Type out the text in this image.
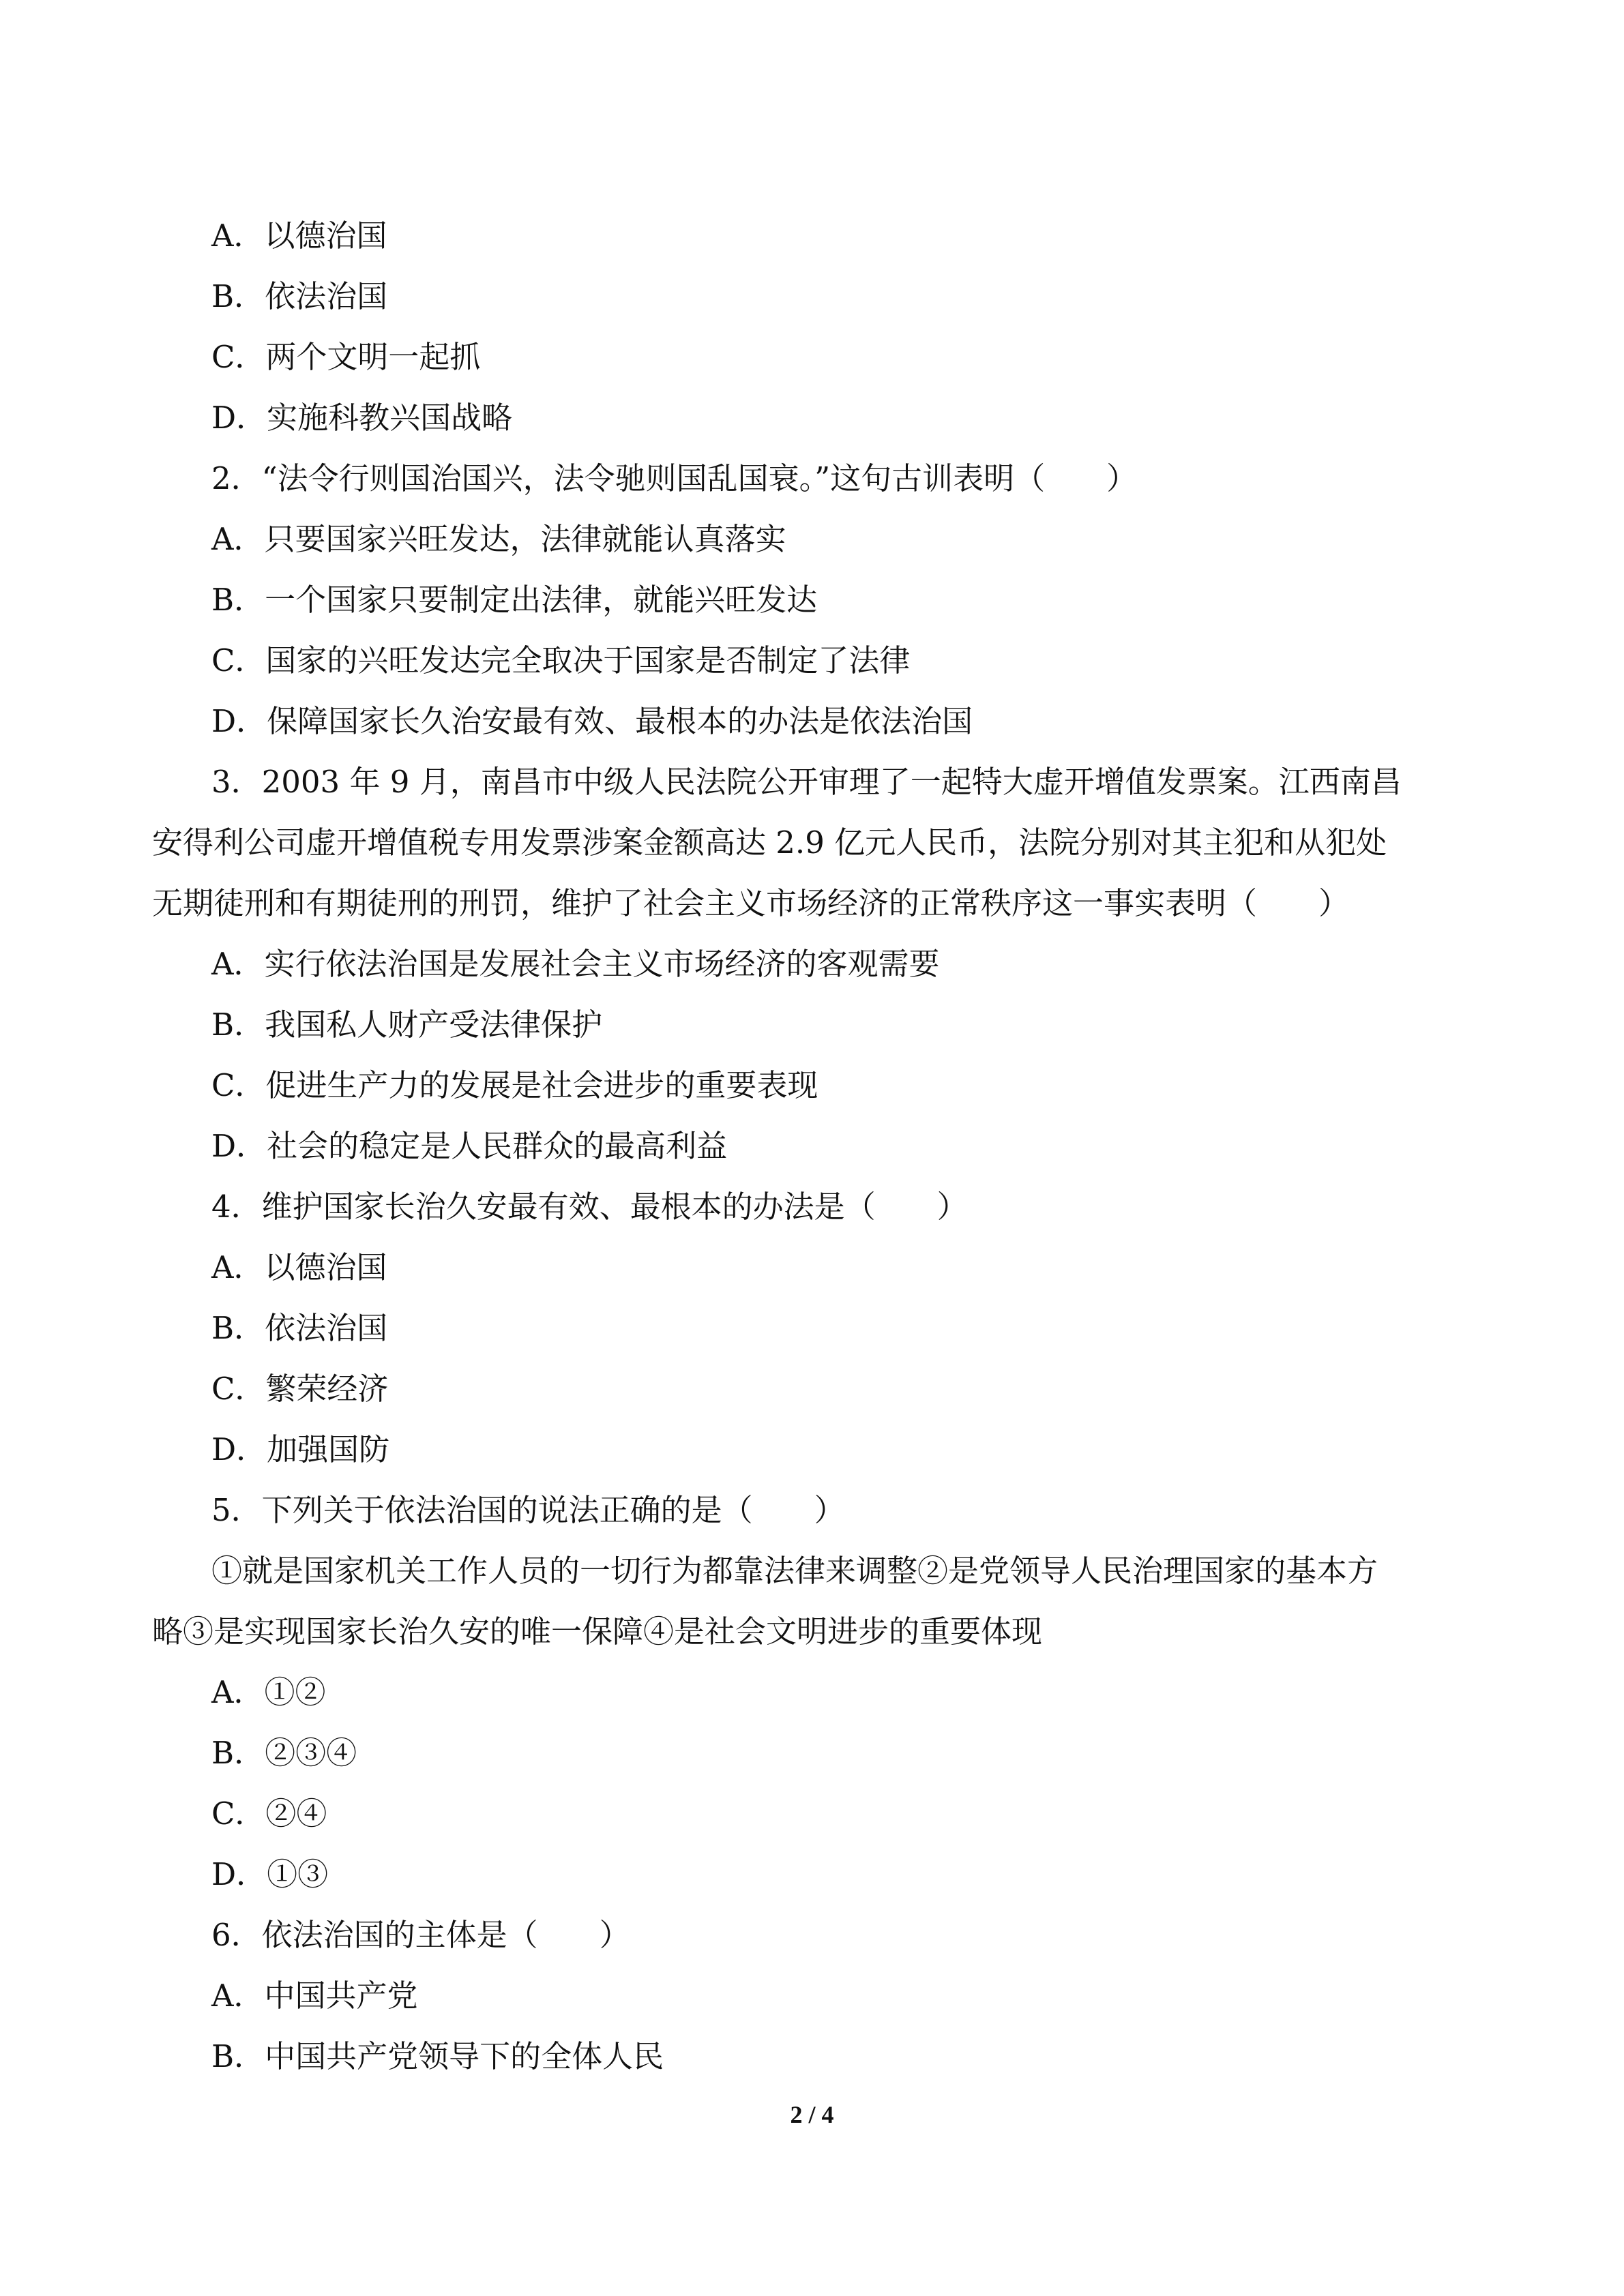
A．以德治国
B．依法治国
C．两个文明一起抓
D．实施科教兴国战略
2．“法令行则国治国兴，法令驰则国乱国衰。”这句古训表明（　　）
A．只要国家兴旺发达，法律就能认真落实
B．一个国家只要制定出法律，就能兴旺发达
C．国家的兴旺发达完全取决于国家是否制定了法律
D．保障国家长久治安最有效、最根本的办法是依法治国
3．2003 年 9 月，南昌市中级人民法院公开审理了一起特大虚开增值发票案。江西南昌
安得利公司虚开增值税专用发票涉案金额高达 2.9 亿元人民币，法院分别对其主犯和从犯处
无期徒刑和有期徒刑的刑罚，维护了社会主义市场经济的正常秩序这一事实表明（　　）
A．实行依法治国是发展社会主义市场经济的客观需要
B．我国私人财产受法律保护
C．促进生产力的发展是社会进步的重要表现
D．社会的稳定是人民群众的最高利益
4．维护国家长治久安最有效、最根本的办法是（　　）
A．以德治国
B．依法治国
C．繁荣经济
D．加强国防
5．下列关于依法治国的说法正确的是（　　）
①就是国家机关工作人员的一切行为都靠法律来调整②是党领导人民治理国家的基本方
略③是实现国家长治久安的唯一保障④是社会文明进步的重要体现
A．①②
B．②③④
C．②④
D．①③
6．依法治国的主体是（　　）
A．中国共产党
B．中国共产党领导下的全体人民
2 / 4
